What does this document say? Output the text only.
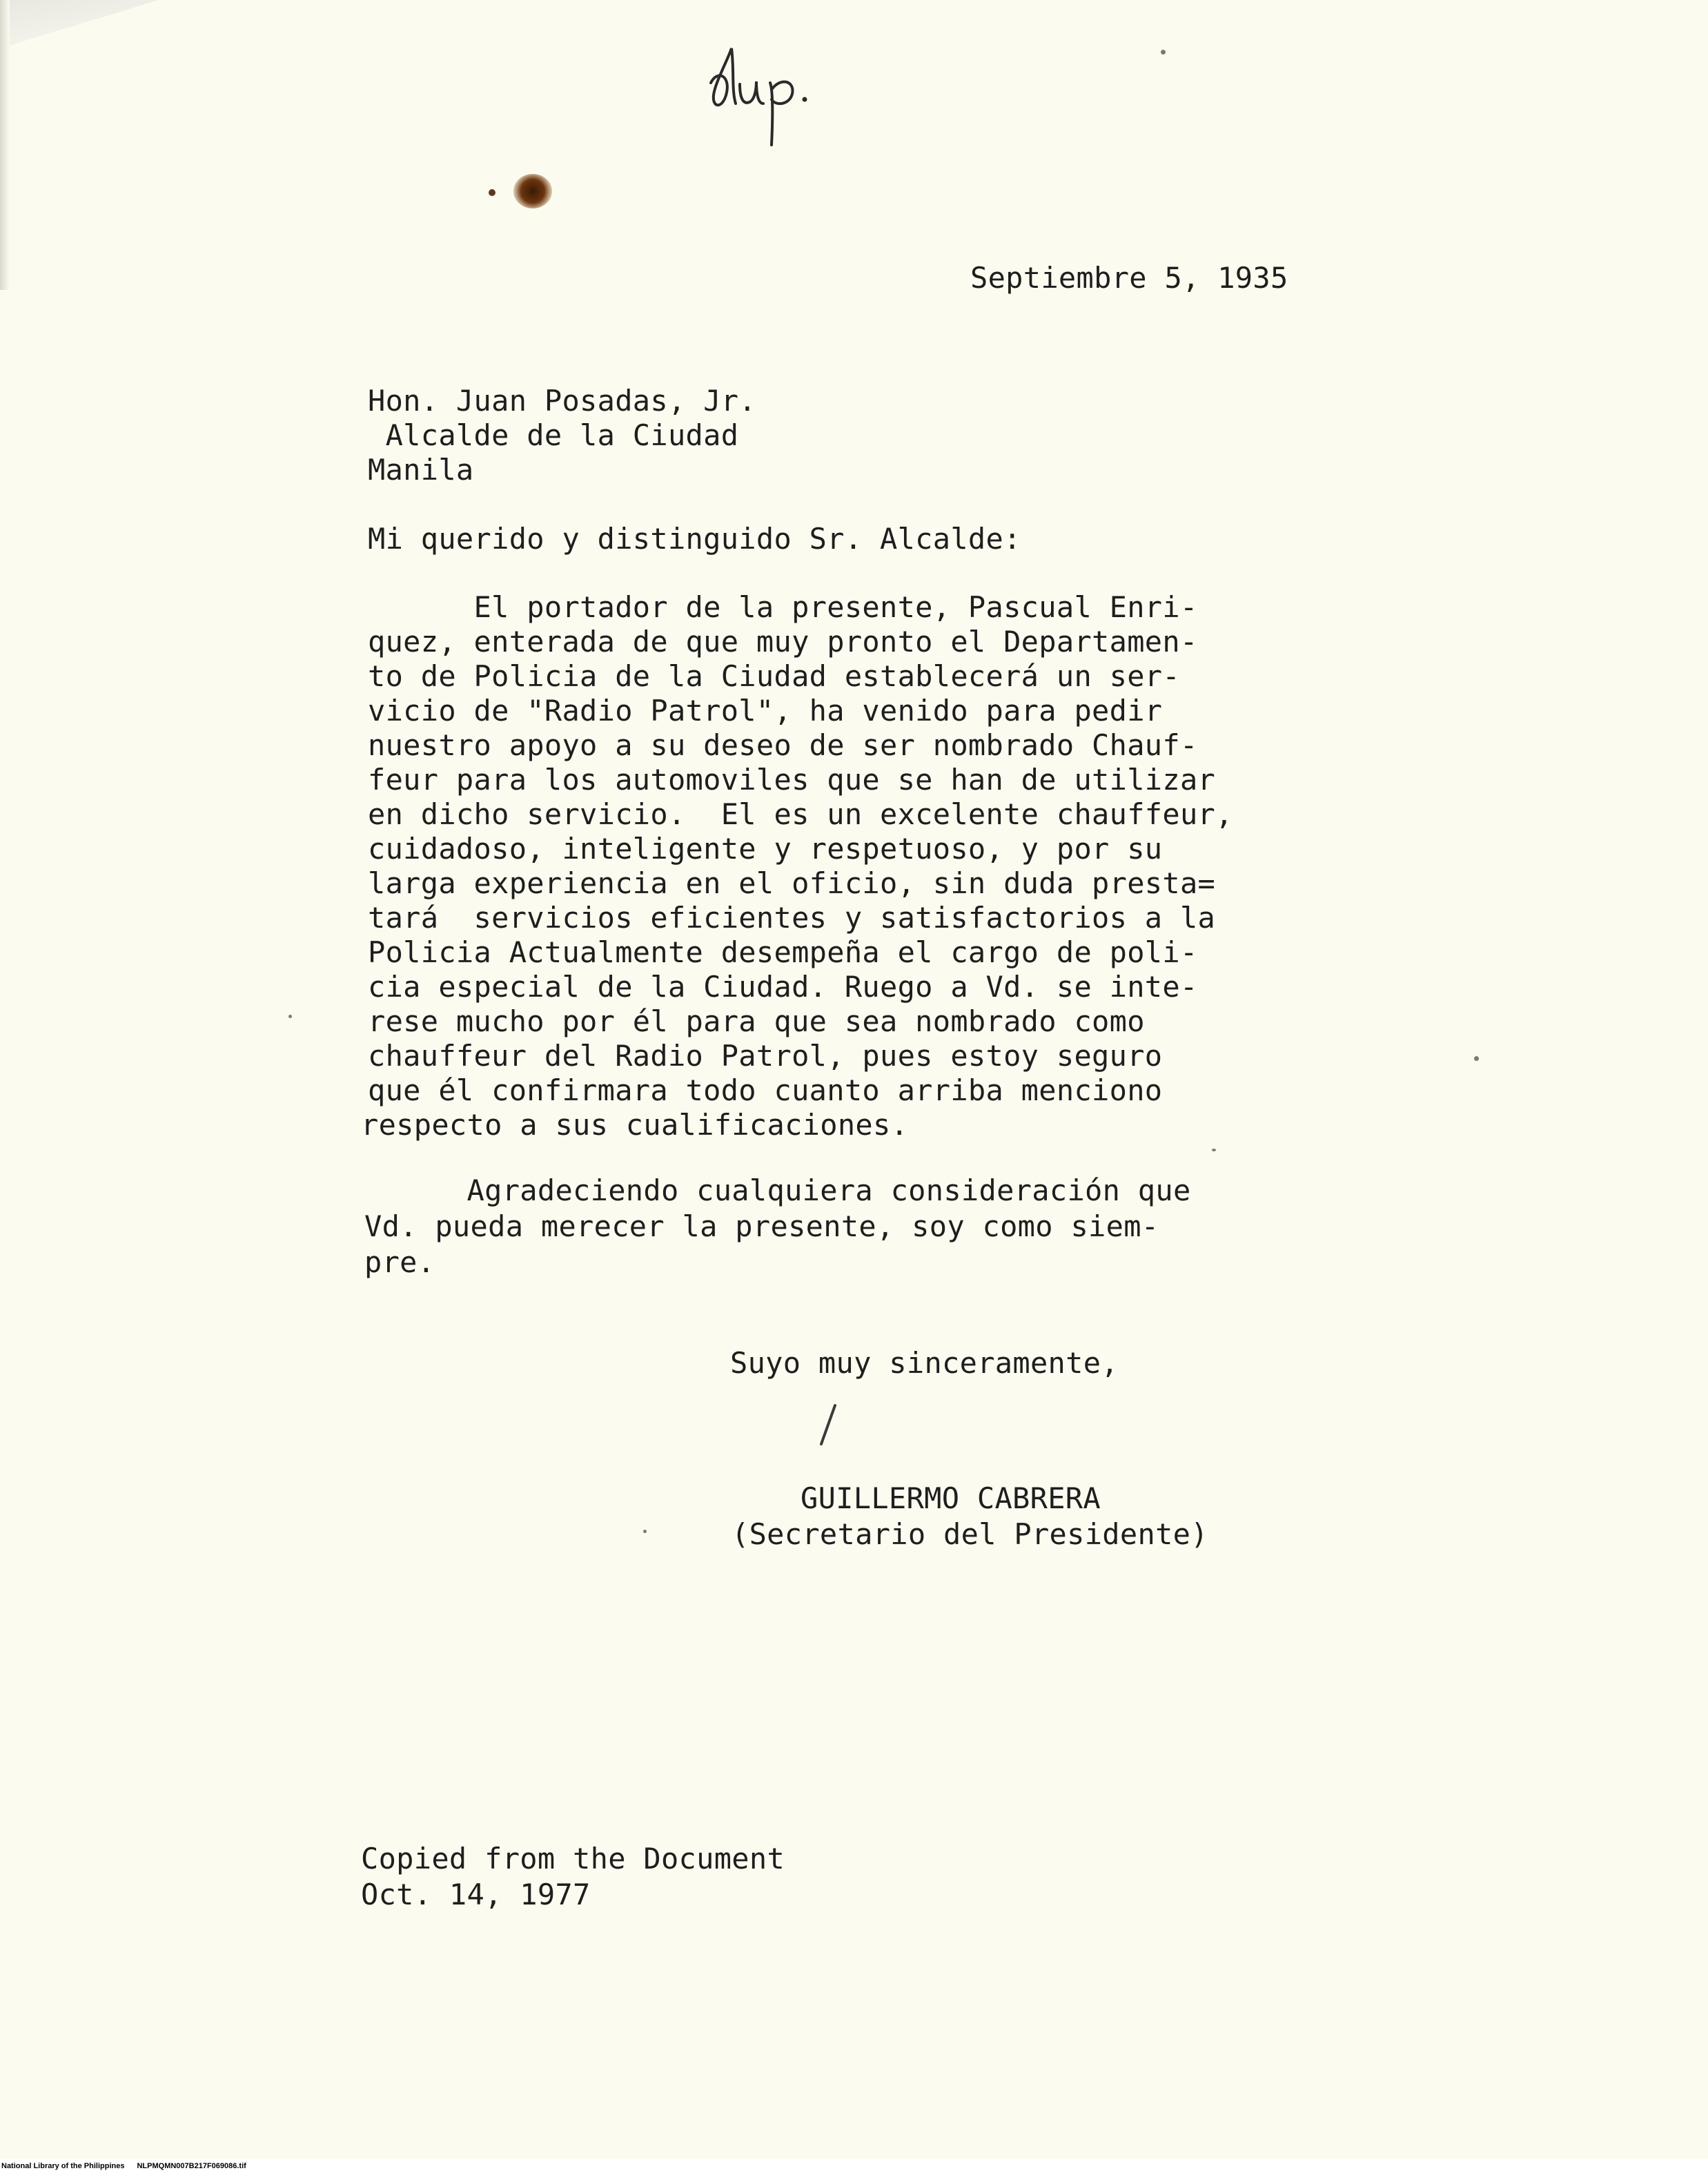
Septiembre 5, 1935
Hon. Juan Posadas, Jr.
Alcalde de la Ciudad
Manila
Mi querido y distinguido Sr. Alcalde:
El portador de la presente, Pascual Enri-
quez, enterada de que muy pronto el Departamen-
to de Policia de la Ciudad establecerá un ser-
vicio de "Radio Patrol", ha venido para pedir
nuestro apoyo a su deseo de ser nombrado Chauf-
feur para los automoviles que se han de utilizar
en dicho servicio.  El es un excelente chauffeur,
cuidadoso, inteligente y respetuoso, y por su
larga experiencia en el oficio, sin duda presta=
tará  servicios eficientes y satisfactorios a la
Policia Actualmente desempeña el cargo de poli-
cia especial de la Ciudad. Ruego a Vd. se inte-
rese mucho por él para que sea nombrado como
chauffeur del Radio Patrol, pues estoy seguro
que él confirmara todo cuanto arriba menciono
respecto a sus cualificaciones.
Agradeciendo cualquiera consideración que
Vd. pueda merecer la presente, soy como siem-
pre.
Suyo muy sinceramente,
GUILLERMO CABRERA
(Secretario del Presidente)
Copied from the Document
Oct. 14, 1977
National Library of the Philippines NLPMQMN007B217F069086.tif
